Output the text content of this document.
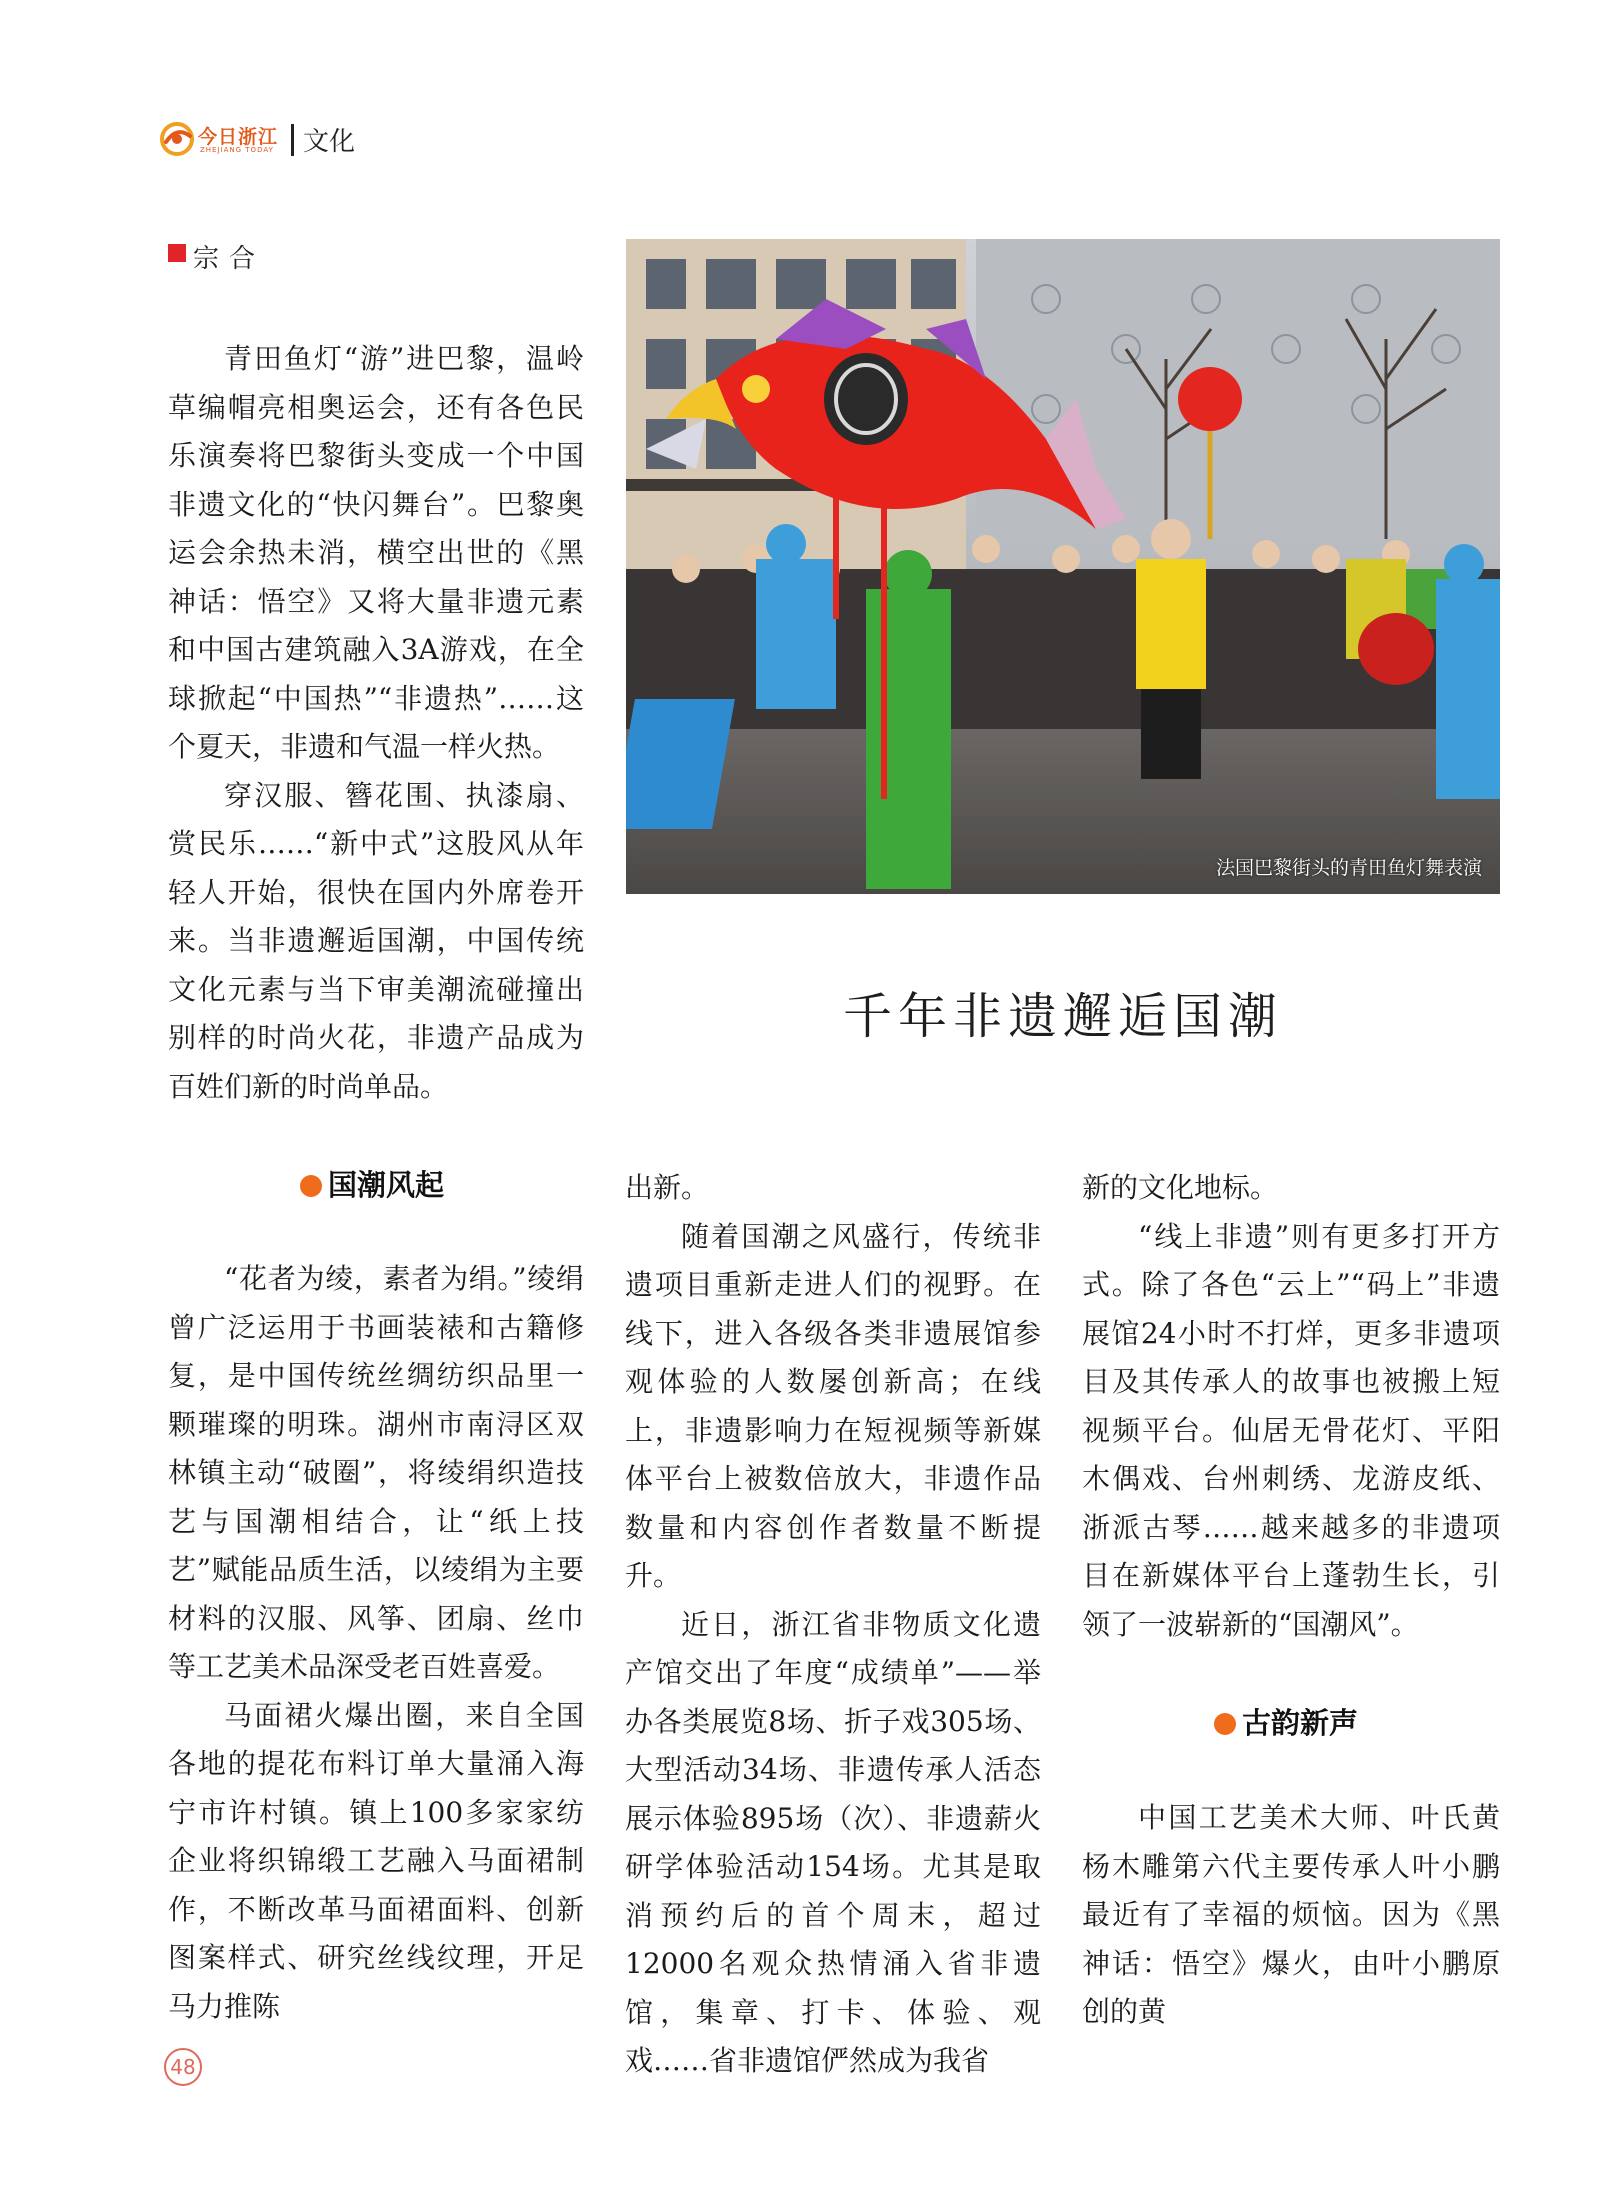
今日浙江
ZHEJIANG TODAY 文化
宗合

青田鱼灯“游”进巴黎，温岭草编帽亮相奥运会，还有各色民乐演奏将巴黎街头变成一个中国非遗文化的“快闪舞台”。巴黎奥运会余热未消，横空出世的《黑神话：悟空》又将大量非遗元素和中国古建筑融入3A游戏，在全球掀起“中国热”“非遗热”……这个夏天，非遗和气温一样火热。

穿汉服、簪花围、执漆扇、赏民乐……“新中式”这股风从年轻人开始，很快在国内外席卷开来。当非遗邂逅国潮，中国传统文化元素与当下审美潮流碰撞出别样的时尚火花，非遗产品成为百姓们新的时尚单品。

法国巴黎街头的青田鱼灯舞表演
千年非遗邂逅国潮
国潮风起

“花者为绫，素者为绢。”绫绢曾广泛运用于书画装裱和古籍修复，是中国传统丝绸纺织品里一颗璀璨的明珠。湖州市南浔区双林镇主动“破圈”，将绫绢织造技艺与国潮相结合，让“纸上技艺”赋能品质生活，以绫绢为主要材料的汉服、风筝、团扇、丝巾等工艺美术品深受老百姓喜爱。

马面裙火爆出圈，来自全国各地的提花布料订单大量涌入海宁市许村镇。镇上100多家家纺企业将织锦缎工艺融入马面裙制作，不断改革马面裙面料、创新图案样式、研究丝线纹理，开足马力推陈

出新。

随着国潮之风盛行，传统非遗项目重新走进人们的视野。在线下，进入各级各类非遗展馆参观体验的人数屡创新高；在线上，非遗影响力在短视频等新媒体平台上被数倍放大，非遗作品数量和内容创作者数量不断提升。

近日，浙江省非物质文化遗产馆交出了年度“成绩单”——举办各类展览8场、折子戏305场、大型活动34场、非遗传承人活态展示体验895场（次）、非遗薪火研学体验活动154场。尤其是取消预约后的首个周末，超过12000名观众热情涌入省非遗馆，集章、打卡、体验、观戏……省非遗馆俨然成为我省

新的文化地标。

“线上非遗”则有更多打开方式。除了各色“云上”“码上”非遗展馆24小时不打烊，更多非遗项目及其传承人的故事也被搬上短视频平台。仙居无骨花灯、平阳木偶戏、台州刺绣、龙游皮纸、浙派古琴……越来越多的非遗项目在新媒体平台上蓬勃生长，引领了一波崭新的“国潮风”。

古韵新声

中国工艺美术大师、叶氏黄杨木雕第六代主要传承人叶小鹏最近有了幸福的烦恼。因为《黑神话：悟空》爆火，由叶小鹏原创的黄

48
